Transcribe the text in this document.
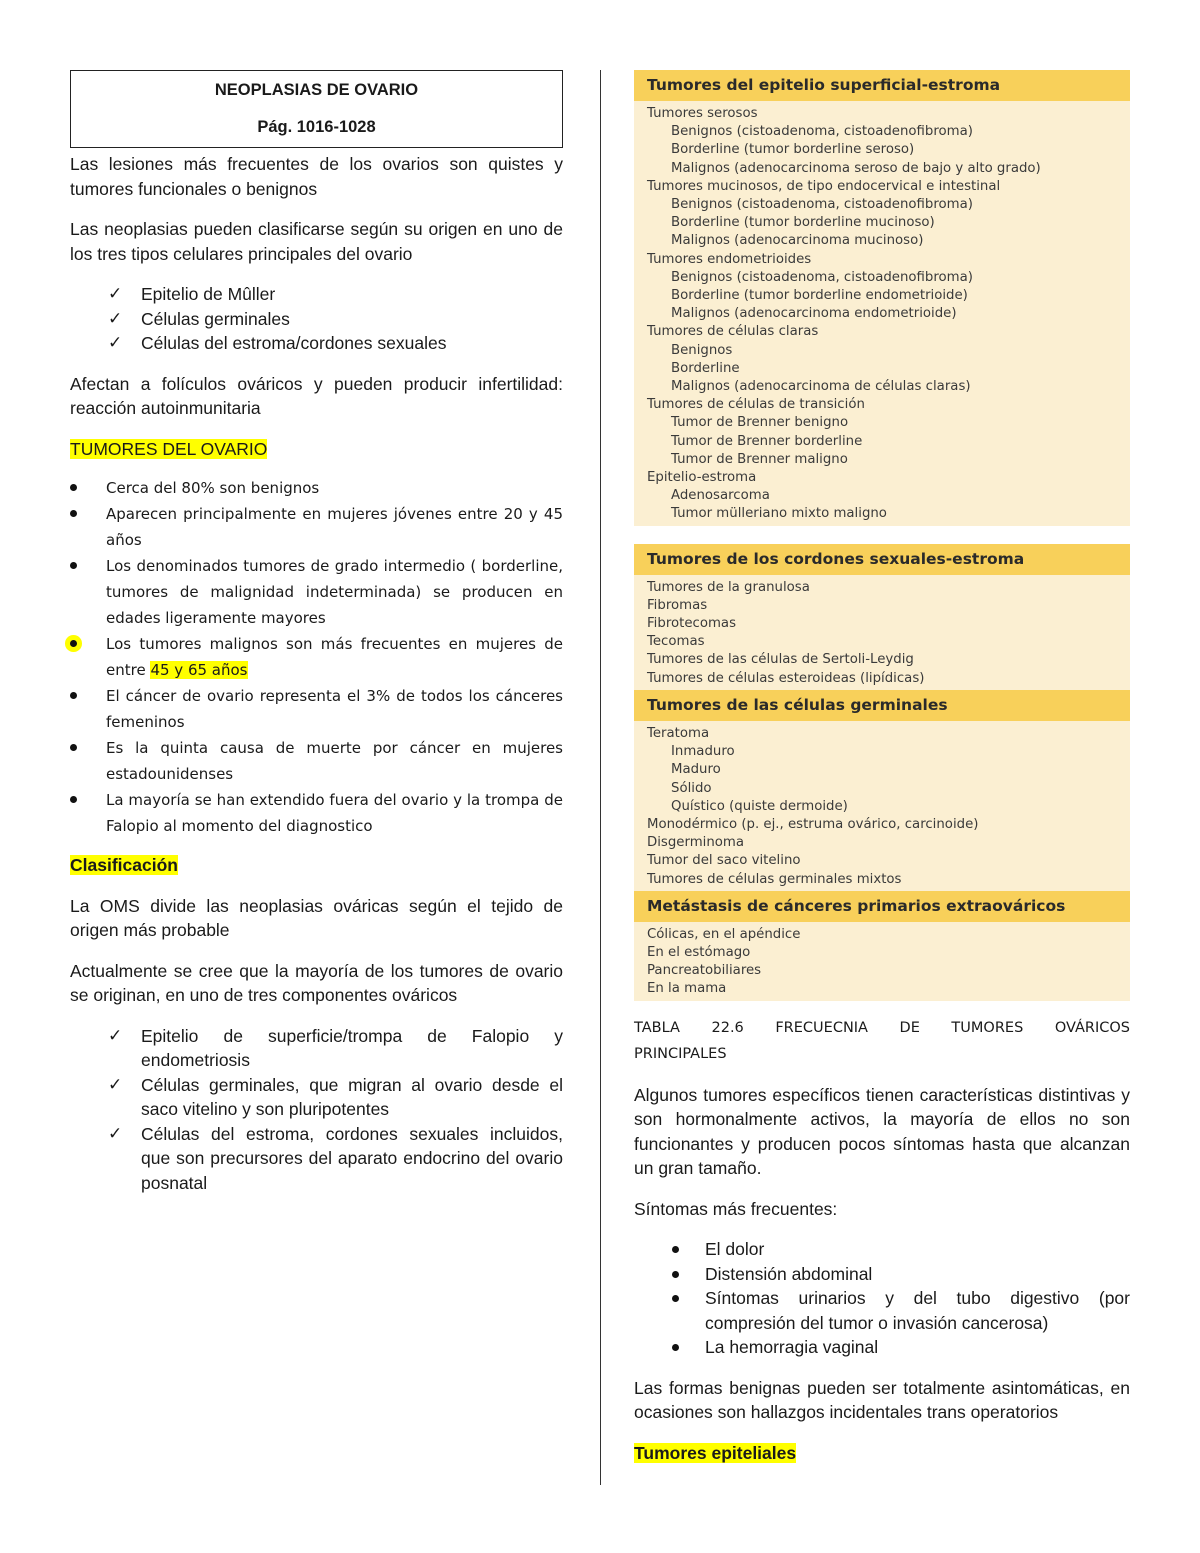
NEOPLASIAS DE OVARIO
Pág. 1016-1028

Las lesiones más frecuentes de los ovarios son quistes y tumores funcionales o benignos

Las neoplasias pueden clasificarse según su origen en uno de los tres tipos celulares principales del ovario

✓ Epitelio de Mûller
✓ Células germinales
✓ Células del estroma/cordones sexuales

Afectan a folículos ováricos y pueden producir infertilidad: reacción autoinmunitaria

TUMORES DEL OVARIO

Cerca del 80% son benignos
Aparecen principalmente en mujeres jóvenes entre 20 y 45 años
Los denominados tumores de grado intermedio ( borderline, tumores de malignidad indeterminada) se producen en edades ligeramente mayores
Los tumores malignos son más frecuentes en mujeres de entre 45 y 65 años
El cáncer de ovario representa el 3% de todos los cánceres femeninos
Es la quinta causa de muerte por cáncer en mujeres estadounidenses
La mayoría se han extendido fuera del ovario y la trompa de Falopio al momento del diagnostico

Clasificación

La OMS divide las neoplasias ováricas según el tejido de origen más probable

Actualmente se cree que la mayoría de los tumores de ovario se originan, en uno de tres componentes ováricos

✓ Epitelio de superficie/trompa de Falopio y endometriosis
✓ Células germinales, que migran al ovario desde el saco vitelino y son pluripotentes
✓ Células del estroma, cordones sexuales incluidos, que son precursores del aparato endocrino del ovario posnatal
Tumores del epitelio superficial-estroma
Tumores serosos
Benignos (cistoadenoma, cistoadenofibroma)
Borderline (tumor borderline seroso)
Malignos (adenocarcinoma seroso de bajo y alto grado)
Tumores mucinosos, de tipo endocervical e intestinal
Benignos (cistoadenoma, cistoadenofibroma)
Borderline (tumor borderline mucinoso)
Malignos (adenocarcinoma mucinoso)
Tumores endometrioides
Benignos (cistoadenoma, cistoadenofibroma)
Borderline (tumor borderline endometrioide)
Malignos (adenocarcinoma endometrioide)
Tumores de células claras
Benignos
Borderline
Malignos (adenocarcinoma de células claras)
Tumores de células de transición
Tumor de Brenner benigno
Tumor de Brenner borderline
Tumor de Brenner maligno
Epitelio-estroma
Adenosarcoma
Tumor mülleriano mixto maligno
Tumores de los cordones sexuales-estroma
Tumores de la granulosa
Fibromas
Fibrotecomas
Tecomas
Tumores de las células de Sertoli-Leydig
Tumores de células esteroideas (lipídicas)
Tumores de las células germinales
Teratoma
Inmaduro
Maduro
Sólido
Quístico (quiste dermoide)
Monodérmico (p. ej., estruma ovárico, carcinoide)
Disgerminoma
Tumor del saco vitelino
Tumores de células germinales mixtos
Metástasis de cánceres primarios extraováricos
Cólicas, en el apéndice
En el estómago
Pancreatobiliares
En la mama

TABLA 22.6 FRECUECNIA DE TUMORES OVÁRICOS

PRINCIPALES

Algunos tumores específicos tienen características distintivas y son hormonalmente activos, la mayoría de ellos no son funcionantes y producen pocos síntomas hasta que alcanzan un gran tamaño.

Síntomas más frecuentes:

El dolor
Distensión abdominal
Síntomas urinarios y del tubo digestivo (por compresión del tumor o invasión cancerosa)
La hemorragia vaginal

Las formas benignas pueden ser totalmente asintomáticas, en ocasiones son hallazgos incidentales trans operatorios

Tumores epiteliales
